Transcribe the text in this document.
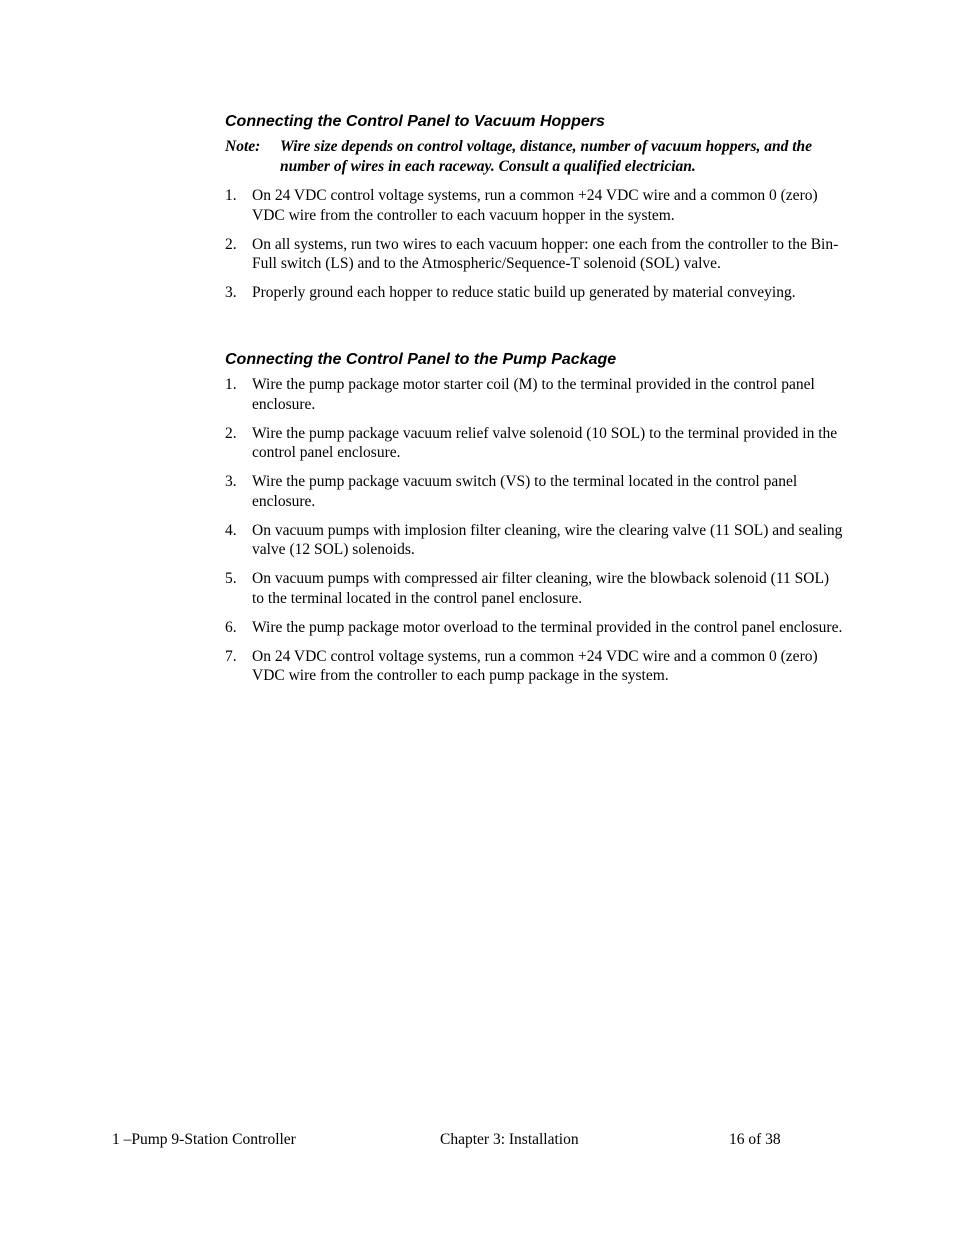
Connecting the Control Panel to Vacuum Hoppers
Note: Wire size depends on control voltage, distance, number of vacuum hoppers, and the number of wires in each raceway. Consult a qualified electrician.
1. On 24 VDC control voltage systems, run a common +24 VDC wire and a common 0 (zero) VDC wire from the controller to each vacuum hopper in the system.
2. On all systems, run two wires to each vacuum hopper: one each from the controller to the Bin-Full switch (LS) and to the Atmospheric/Sequence-T solenoid (SOL) valve.
3. Properly ground each hopper to reduce static build up generated by material conveying.
Connecting the Control Panel to the Pump Package
1. Wire the pump package motor starter coil (M) to the terminal provided in the control panel enclosure.
2. Wire the pump package vacuum relief valve solenoid (10 SOL) to the terminal provided in the control panel enclosure.
3. Wire the pump package vacuum switch (VS) to the terminal located in the control panel enclosure.
4. On vacuum pumps with implosion filter cleaning, wire the clearing valve (11 SOL) and sealing valve (12 SOL) solenoids.
5. On vacuum pumps with compressed air filter cleaning, wire the blowback solenoid (11 SOL) to the terminal located in the control panel enclosure.
6. Wire the pump package motor overload to the terminal provided in the control panel enclosure.
7. On 24 VDC control voltage systems, run a common +24 VDC wire and a common 0 (zero) VDC wire from the controller to each pump package in the system.
1 –Pump 9-Station Controller	Chapter 3: Installation	16 of 38
